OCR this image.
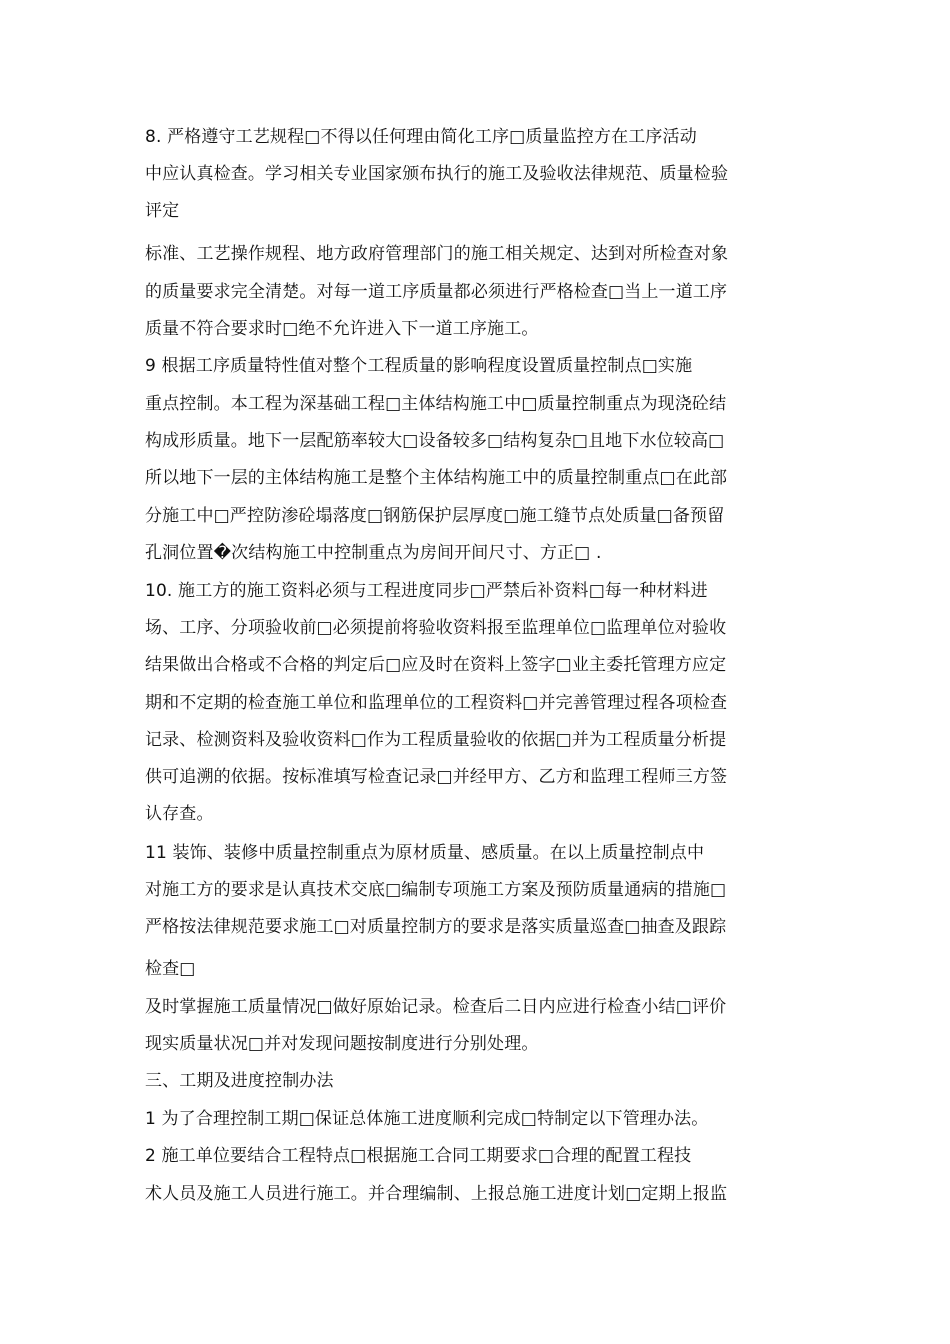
8. 严格遵守工艺规程□不得以任何理由简化工序□质量监控方在工序活动
中应认真检查。学习相关专业国家颁布执行的施工及验收法律规范、质量检验
评定
标准、工艺操作规程、地方政府管理部门的施工相关规定、达到对所检查对象
的质量要求完全清楚。对每一道工序质量都必须进行严格检查□当上一道工序
质量不符合要求时□绝不允许进入下一道工序施工。
9 根据工序质量特性值对整个工程质量的影响程度设置质量控制点□实施
重点控制。本工程为深基础工程□主体结构施工中□质量控制重点为现浇砼结
构成形质量。地下一层配筋率较大□设备较多□结构复杂□且地下水位较高□
所以地下一层的主体结构施工是整个主体结构施工中的质量控制重点□在此部
分施工中□严控防渗砼塌落度□钢筋保护层厚度□施工缝节点处质量□备预留
孔洞位置�次结构施工中控制重点为房间开间尺寸、方正□ .
10. 施工方的施工资料必须与工程进度同步□严禁后补资料□每一种材料进
场、工序、分项验收前□必须提前将验收资料报至监理单位□监理单位对验收
结果做出合格或不合格的判定后□应及时在资料上签字□业主委托管理方应定
期和不定期的检查施工单位和监理单位的工程资料□并完善管理过程各项检查
记录、检测资料及验收资料□作为工程质量验收的依据□并为工程质量分析提
供可追溯的依据。按标准填写检查记录□并经甲方、乙方和监理工程师三方签
认存查。
11 装饰、装修中质量控制重点为原材质量、感质量。在以上质量控制点中
对施工方的要求是认真技术交底□编制专项施工方案及预防质量通病的措施□
严格按法律规范要求施工□对质量控制方的要求是落实质量巡查□抽查及跟踪
检查□
及时掌握施工质量情况□做好原始记录。检查后二日内应进行检查小结□评价
现实质量状况□并对发现问题按制度进行分别处理。
三、工期及进度控制办法
1 为了合理控制工期□保证总体施工进度顺利完成□特制定以下管理办法。
2 施工单位要结合工程特点□根据施工合同工期要求□合理的配置工程技
术人员及施工人员进行施工。并合理编制、上报总施工进度计划□定期上报监
